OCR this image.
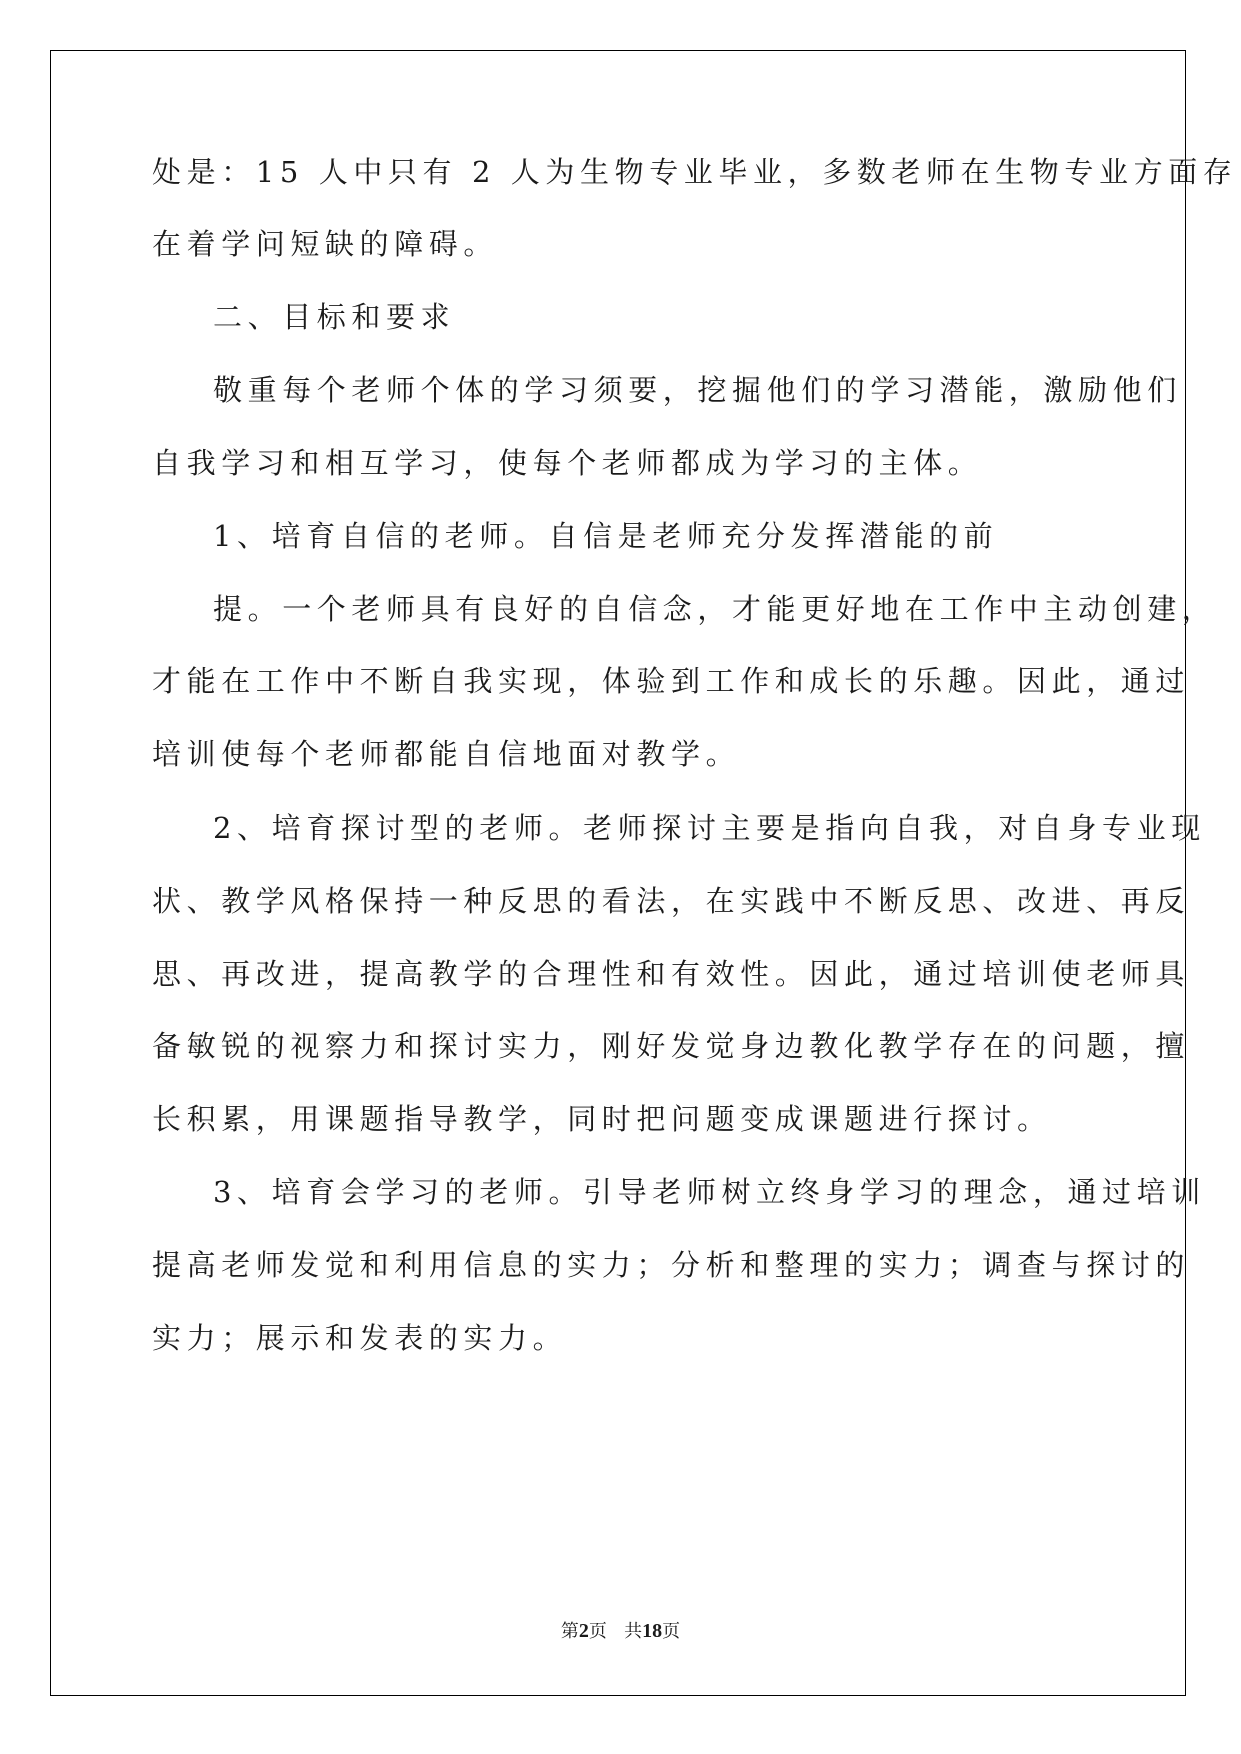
处是：15 人中只有 2 人为生物专业毕业，多数老师在生物专业方面存

在着学问短缺的障碍。

二、目标和要求

敬重每个老师个体的学习须要，挖掘他们的学习潜能，激励他们

自我学习和相互学习，使每个老师都成为学习的主体。

1、培育自信的老师。自信是老师充分发挥潜能的前

提。一个老师具有良好的自信念，才能更好地在工作中主动创建，

才能在工作中不断自我实现，体验到工作和成长的乐趣。因此，通过

培训使每个老师都能自信地面对教学。

2、培育探讨型的老师。老师探讨主要是指向自我，对自身专业现

状、教学风格保持一种反思的看法，在实践中不断反思、改进、再反

思、再改进，提高教学的合理性和有效性。因此，通过培训使老师具

备敏锐的视察力和探讨实力，刚好发觉身边教化教学存在的问题，擅

长积累，用课题指导教学，同时把问题变成课题进行探讨。

3、培育会学习的老师。引导老师树立终身学习的理念，通过培训

提高老师发觉和利用信息的实力；分析和整理的实力；调查与探讨的

实力；展示和发表的实力。

第2页 共18页
